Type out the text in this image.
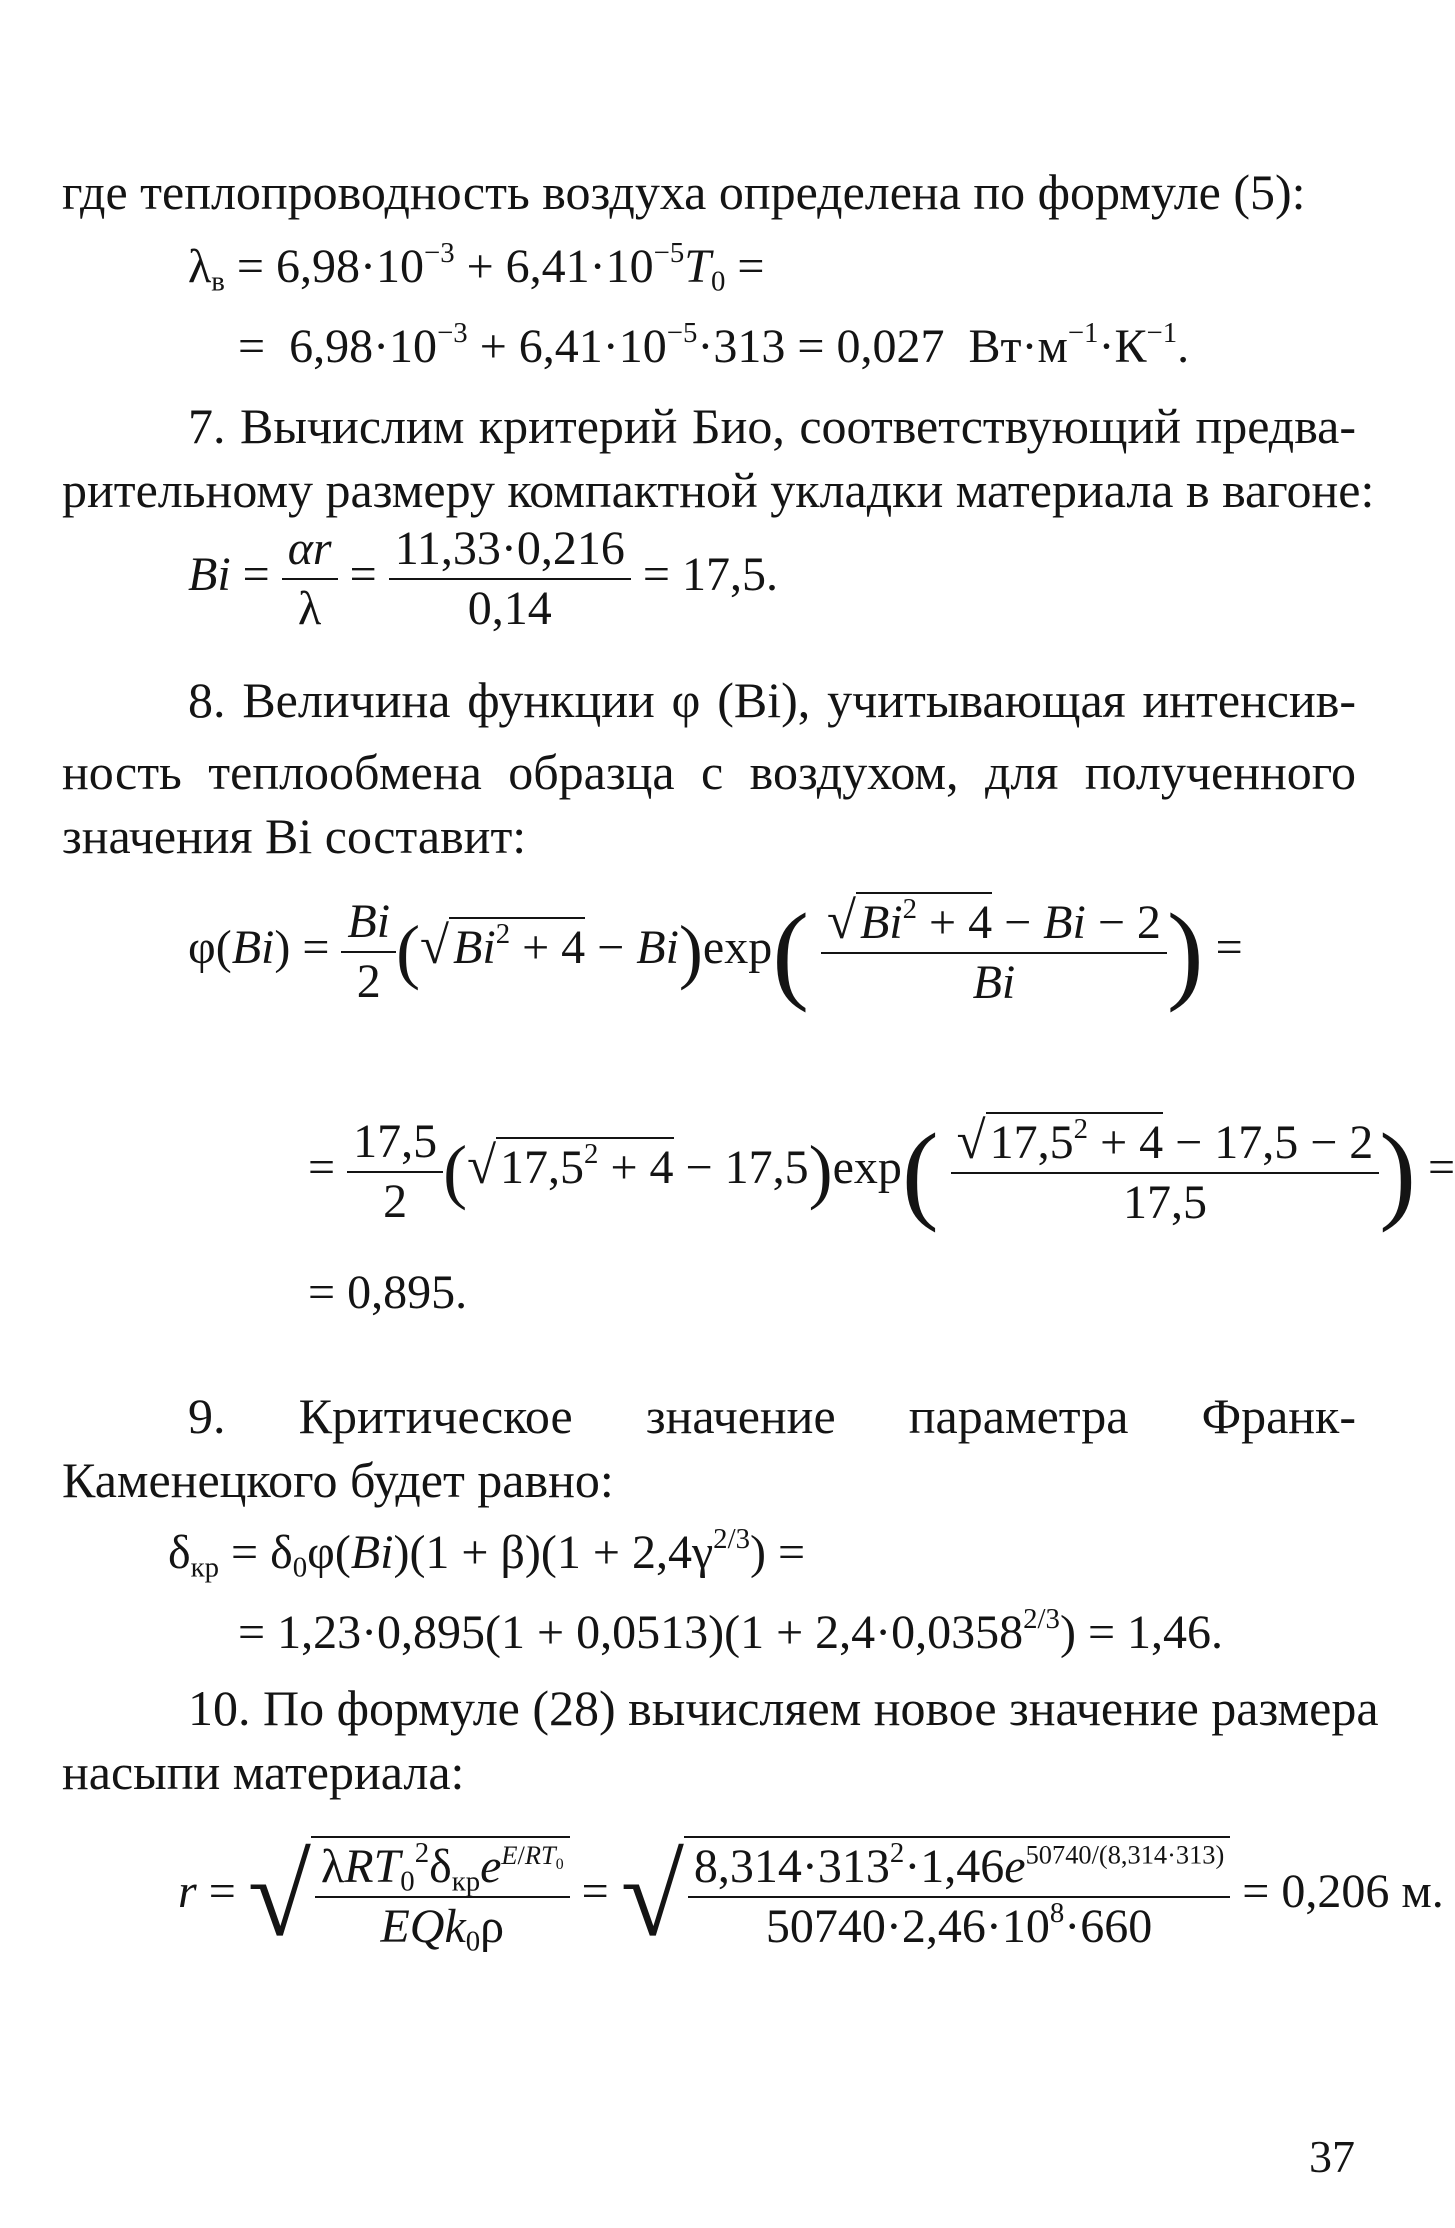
где теплопроводность воздуха определена по формуле (5):
$\lambda_в = 6,98\cdot 10^{-3} + 6,41\cdot 10^{-5}T_0$ =
=  $6,98\cdot 10^{-3} + 6,41\cdot 10^{-5}\cdot 313 = 0,027$  $Вт\cdot м^{-1}\cdot К^{-1}$.
7. Вычислим критерий Био, соответствующий предва-
рительному размеру компактной укладки материала в вагоне:
$Bi = \frac{\alpha r}{\lambda} = \frac{11,33\cdot 0,216}{0,14} = 17,5$.
8. Величина функции φ (Bi), учитывающая интенсив-
ность теплообмена образца с воздухом, для полученного
значения Bi составит:
$\varphi(Bi) = \frac{Bi}{2} (√Bi^2 + 4 - Bi)\exp( \frac{√Bi^2 + 4 - Bi - 2}{Bi}$ ) =
= $\frac{17,5}{2} (√17,5^2 + 4 - 17,5)\exp( \frac{√17,5^2 + 4 - 17,5 - 2}{17,5}$ ) =
= 0,895.
9. Критическое значение параметра Франк-
Каменецкого будет равно:
$\delta_{кр} = \delta_0\varphi(Bi)(1 + \beta)(1 + 2,4\gamma^{2/3})$ =
= $1,23\cdot 0,895(1 + 0,0513)(1 + 2,4\cdot 0,0358^{2/3}) = 1,46$.
10. По формуле (28) вычисляем новое значение размера
насыпи материала:
r = √ $\frac{\lambda RT_0^2\delta_{кр}e^{E/RT_0}}{EQk_0\rho}$ = √ $\frac{8,314\cdot 313^2\cdot 1,46e^{50740/(8,314\cdot 313)}}{50740\cdot 2,46\cdot 10^8\cdot 660} = 0,206$ м.
37
